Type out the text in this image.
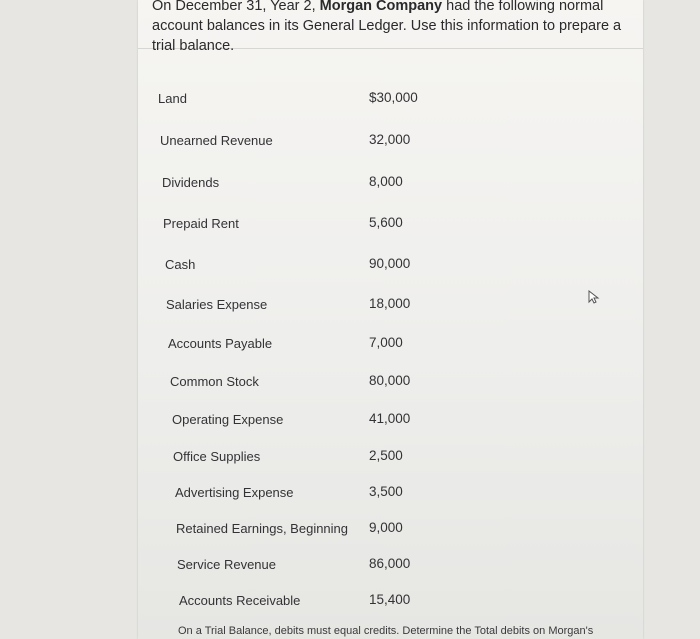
On December 31, Year 2, Morgan Company had the following normal account balances in its General Ledger. Use this information to prepare a trial balance.
Land	$30,000
Unearned Revenue	32,000
Dividends	8,000
Prepaid Rent	5,600
Cash	90,000
Salaries Expense	18,000
Accounts Payable	7,000
Common Stock	80,000
Operating Expense	41,000
Office Supplies	2,500
Advertising Expense	3,500
Retained Earnings, Beginning 9,000
Service Revenue	86,000
Accounts Receivable	15,400
On a Trial Balance, debits must equal credits. Determine the Total debits on Morgan's
